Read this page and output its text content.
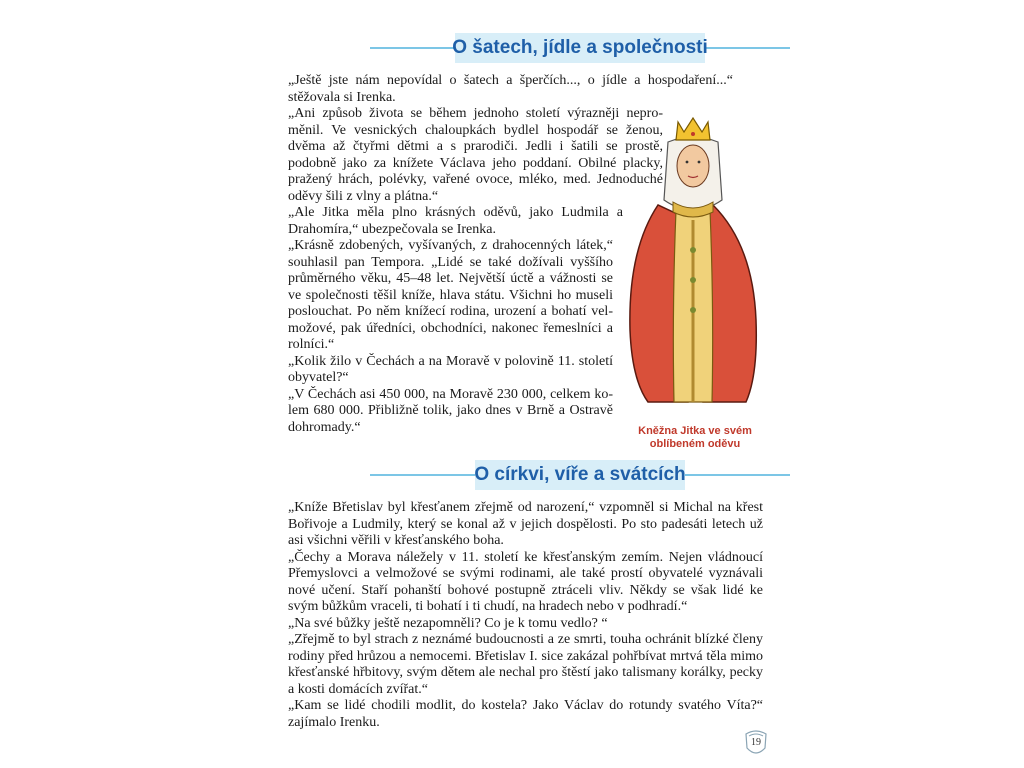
O šatech, jídle a společnosti

„Ještě jste nám nepovídal o šatech a šperčích..., o jídle a hospodaření...“ stěžovala si Irenka.

„Ani způsob života se během jednoho století výrazněji neproměnil. Ve vesnických chaloupkách bydlel hospodář se ženou, dvěma až čtyřmi dětmi a s prarodiči. Jedli i šatili se prostě, podobně jako za knížete Václava jeho poddaní. Obilné placky, pražený hrách, polévky, vařené ovoce, mléko, med. Jednoduché oděvy šili z vlny a plátna.“

„Ale Jitka měla plno krásných oděvů, jako Ludmila a Drahomíra,“ ubezpečovala se Irenka.

„Krásně zdobených, vyšívaných, z drahocenných látek,“ souhlasil pan Tempora. „Lidé se také dožívali vyššího průměrného věku, 45–48 let. Největší úctě a vážnosti se ve společnosti těšil kníže, hlava státu. Všichni ho museli poslouchat. Po něm knížecí rodina, urození a bohatí velmožové, pak úředníci, obchodníci, nakonec řemeslníci a rolníci.“

„Kolik žilo v Čechách a na Moravě v polovině 11. století obyvatel?“

„V Čechách asi 450 000, na Moravě 230 000, celkem kolem 680 000. Přibližně tolik, jako dnes v Brně a Ostravě dohromady.“	Kněžna Jitka ve svém oblíbeném oděvu
O církvi, víře a svátcích

„Kníže Břetislav byl křesťanem zřejmě od narození,“ vzpomněl si Michal na křest Bořivoje a Ludmily, který se konal až v jejich dospělosti. Po sto padesáti letech už asi všichni věřili v křesťanského boha.

„Čechy a Morava náležely v 11. století ke křesťanským zemím. Nejen vládnoucí Přemyslovci a velmožové se svými rodinami, ale také prostí obyvatelé vyznávali nové učení. Staří pohanští bohové postupně ztráceli vliv. Někdy se však lidé ke svým bůžkům vraceli, ti bohatí i ti chudí, na hradech nebo v podhradí.“

„Na své bůžky ještě nezapomněli? Co je k tomu vedlo? “

„Zřejmě to byl strach z neznámé budoucnosti a ze smrti, touha ochránit blízké členy rodiny před hrůzou a nemocemi. Břetislav I. sice zakázal pohřbívat mrtvá těla mimo křesťanské hřbitovy, svým dětem ale nechal pro štěstí jako talismany korálky, pecky a kosti domácích zvířat.“

„Kam se lidé chodili modlit, do kostela? Jako Václav do rotundy svatého Víta?“ zajímalo Irenku.

19
